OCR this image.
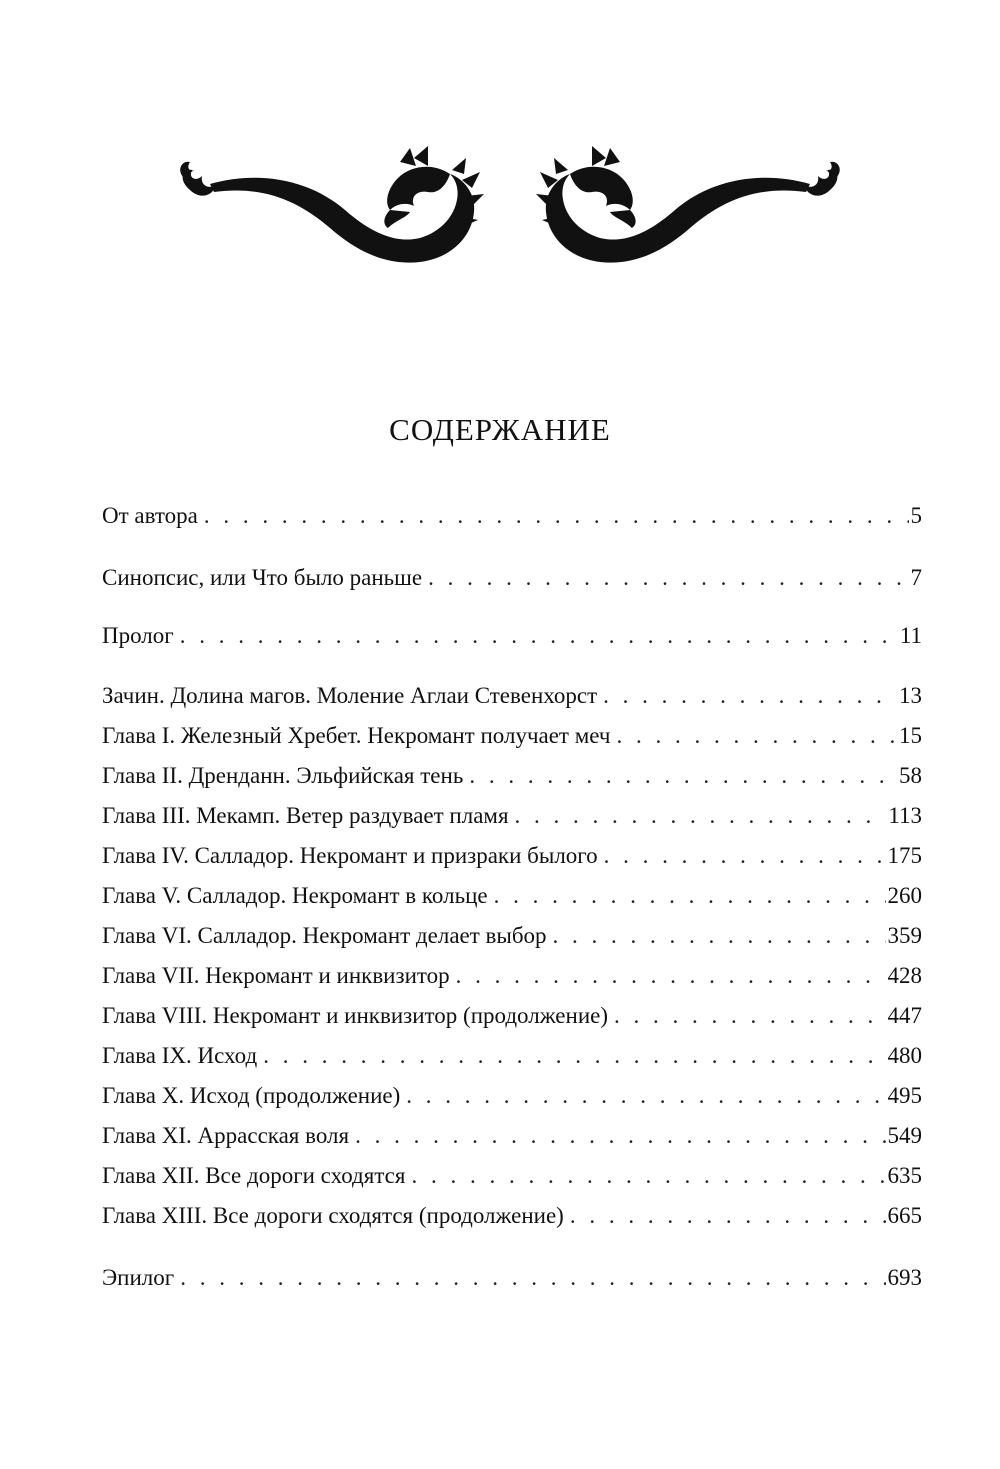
СОДЕРЖАНИЕ
От автора . . .	5
Синопсис, или Что было раньше . . .	7
Пролог . . .	11
Зачин. Долина магов. Моление Аглаи Стевенхорст . . .	13
Глава I. Железный Хребет. Некромант получает меч . . .	15
Глава II. Дренданн. Эльфийская тень . . .	58
Глава III. Мекамп. Ветер раздувает пламя . . .	113
Глава IV. Салладор. Некромант и призраки былого . . .	175
Глава V. Салладор. Некромант в кольце . . .	260
Глава VI. Салладор. Некромант делает выбор . . .	359
Глава VII. Некромант и инквизитор . . .	428
Глава VIII. Некромант и инквизитор (продолжение) . . .	447
Глава IX. Исход . . .	480
Глава X. Исход (продолжение) . . .	495
Глава XI. Аррасская воля . . .	549
Глава XII. Все дороги сходятся . . .	635
Глава XIII. Все дороги сходятся (продолжение) . . .	665
Эпилог . . .	693
